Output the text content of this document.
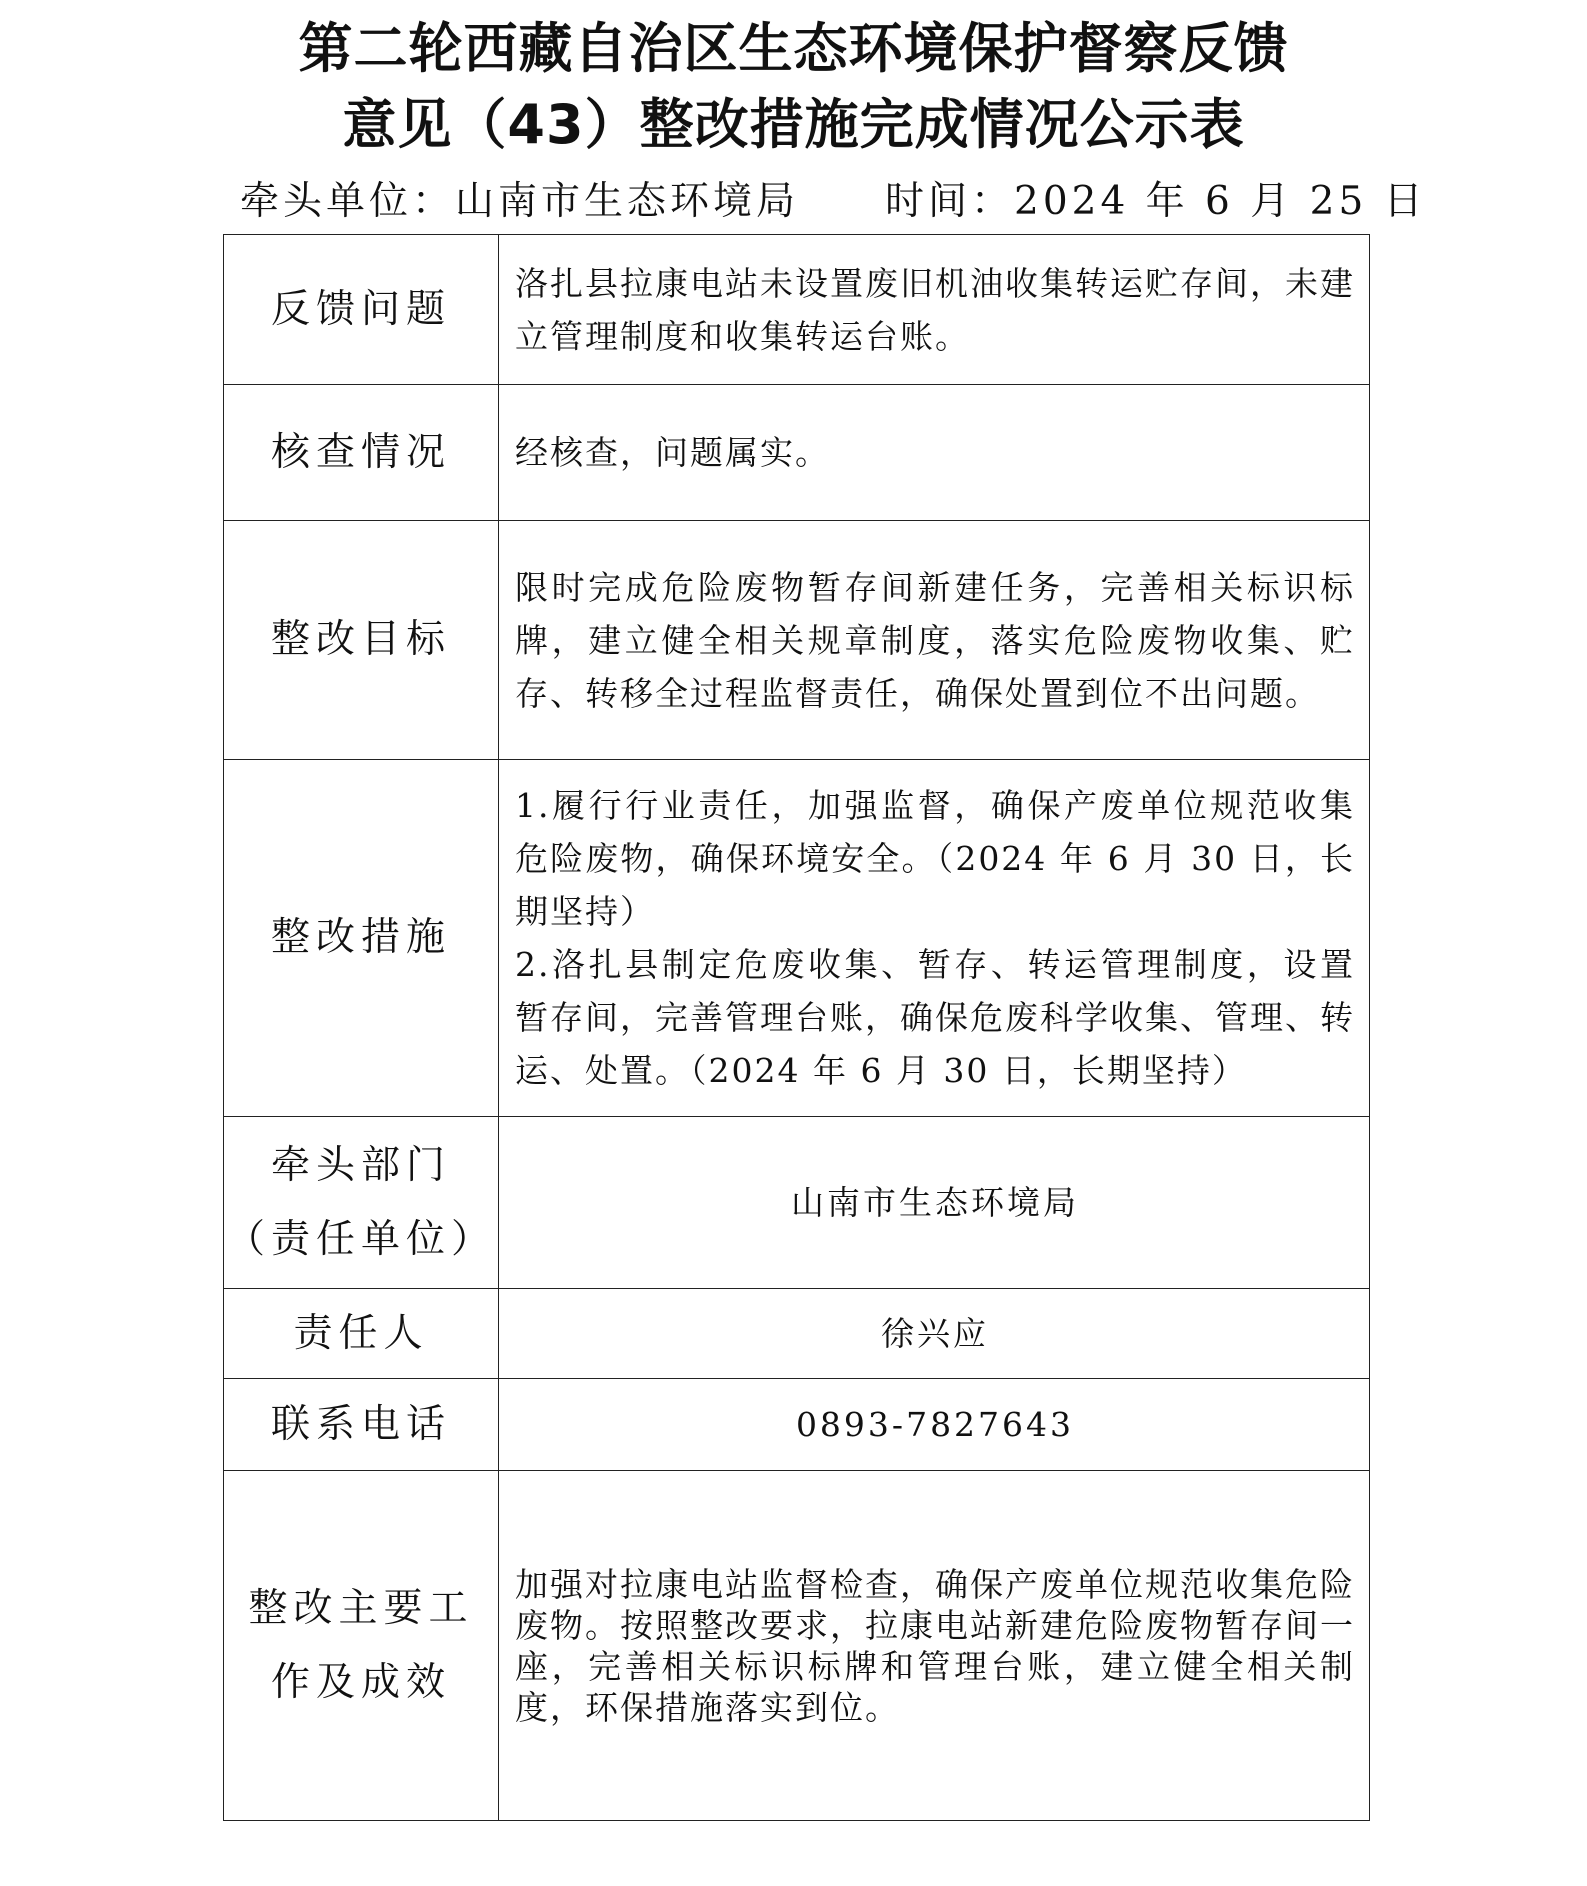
第二轮西藏自治区生态环境保护督察反馈
意见（43）整改措施完成情况公示表
牵头单位：山南市生态环境局 时间：2024 年 6 月 25 日
反馈问题	洛扎县拉康电站未设置废旧机油收集转运贮存间，未建立管理制度和收集转运台账。
核查情况	经核查，问题属实。
整改目标	限时完成危险废物暂存间新建任务，完善相关标识标牌，建立健全相关规章制度，落实危险废物收集、贮存、转移全过程监督责任，确保处置到位不出问题。
整改措施	1.履行行业责任，加强监督，确保产废单位规范收集危险废物，确保环境安全。（2024 年 6 月 30 日，长期坚持）
2.洛扎县制定危废收集、暂存、转运管理制度，设置暂存间，完善管理台账，确保危废科学收集、管理、转运、处置。（2024 年 6 月 30 日，长期坚持）

牵头部门
（责任单位）	山南市生态环境局
责任人	徐兴应
联系电话	0893-7827643

整改主要工
作及成效	加强对拉康电站监督检查，确保产废单位规范收集危险废物。按照整改要求，拉康电站新建危险废物暂存间一座，完善相关标识标牌和管理台账，建立健全相关制度，环保措施落实到位。
